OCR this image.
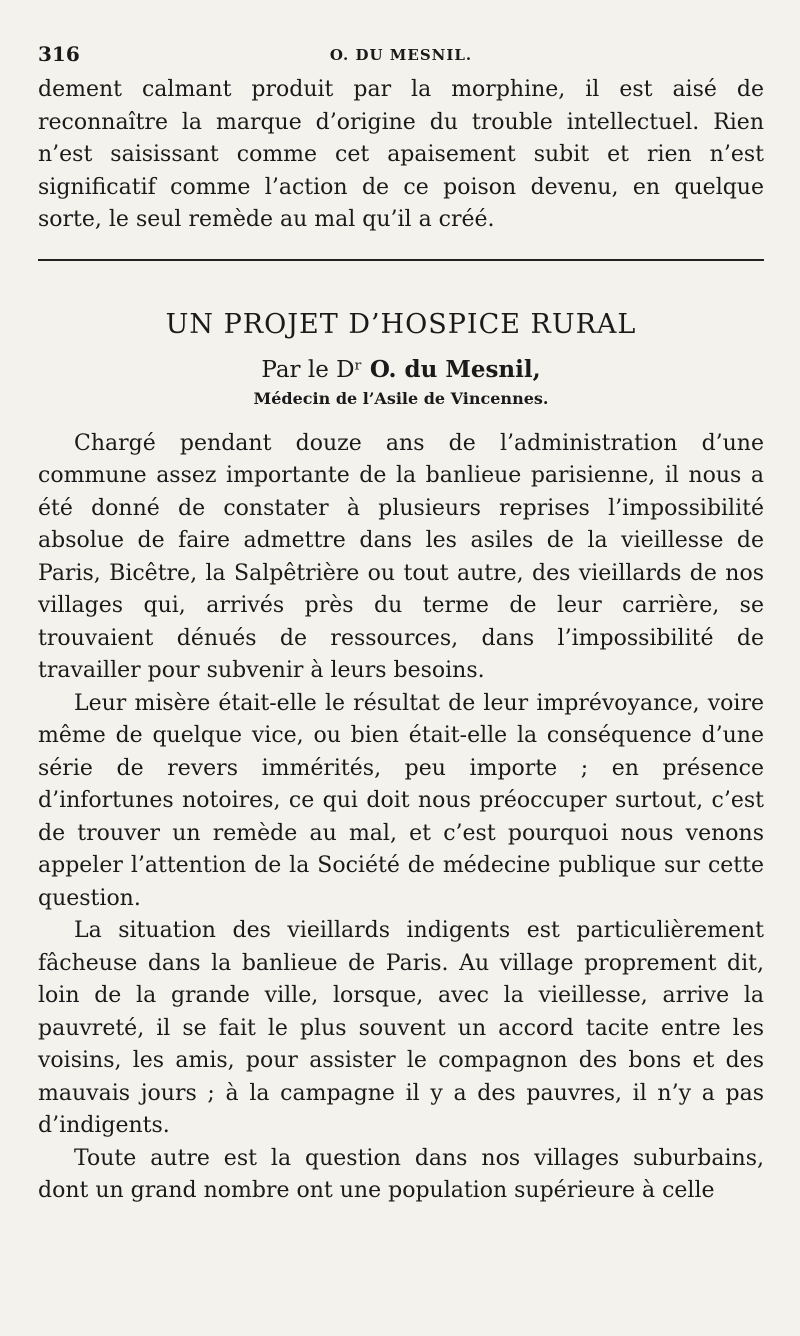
316	O. DU MESNIL.

dement calmant produit par la morphine, il est aisé de reconnaître la marque d’origine du trouble intellectuel. Rien n’est saisissant comme cet apaisement subit et rien n’est significatif comme l’action de ce poison devenu, en quelque sorte, le seul remède au mal qu’il a créé.

UN PROJET D’HOSPICE RURAL

Par le Dʳ O. du Mesnil,

Médecin de l’Asile de Vincennes.

Chargé pendant douze ans de l’administration d’une commune assez importante de la banlieue parisienne, il nous a été donné de constater à plusieurs reprises l’impossibilité absolue de faire admettre dans les asiles de la vieillesse de Paris, Bicêtre, la Salpêtrière ou tout autre, des vieillards de nos villages qui, arrivés près du terme de leur carrière, se trouvaient dénués de ressources, dans l’impossibilité de travailler pour subvenir à leurs besoins.

Leur misère était-elle le résultat de leur imprévoyance, voire même de quelque vice, ou bien était-elle la conséquence d’une série de revers immérités, peu importe ; en présence d’infortunes notoires, ce qui doit nous préoccuper surtout, c’est de trouver un remède au mal, et c’est pourquoi nous venons appeler l’attention de la Société de médecine publique sur cette question.

La situation des vieillards indigents est particulièrement fâcheuse dans la banlieue de Paris. Au village proprement dit, loin de la grande ville, lorsque, avec la vieillesse, arrive la pauvreté, il se fait le plus souvent un accord tacite entre les voisins, les amis, pour assister le compagnon des bons et des mauvais jours ; à la campagne il y a des pauvres, il n’y a pas d’indigents.

Toute autre est la question dans nos villages suburbains, dont un grand nombre ont une population supérieure à celle
